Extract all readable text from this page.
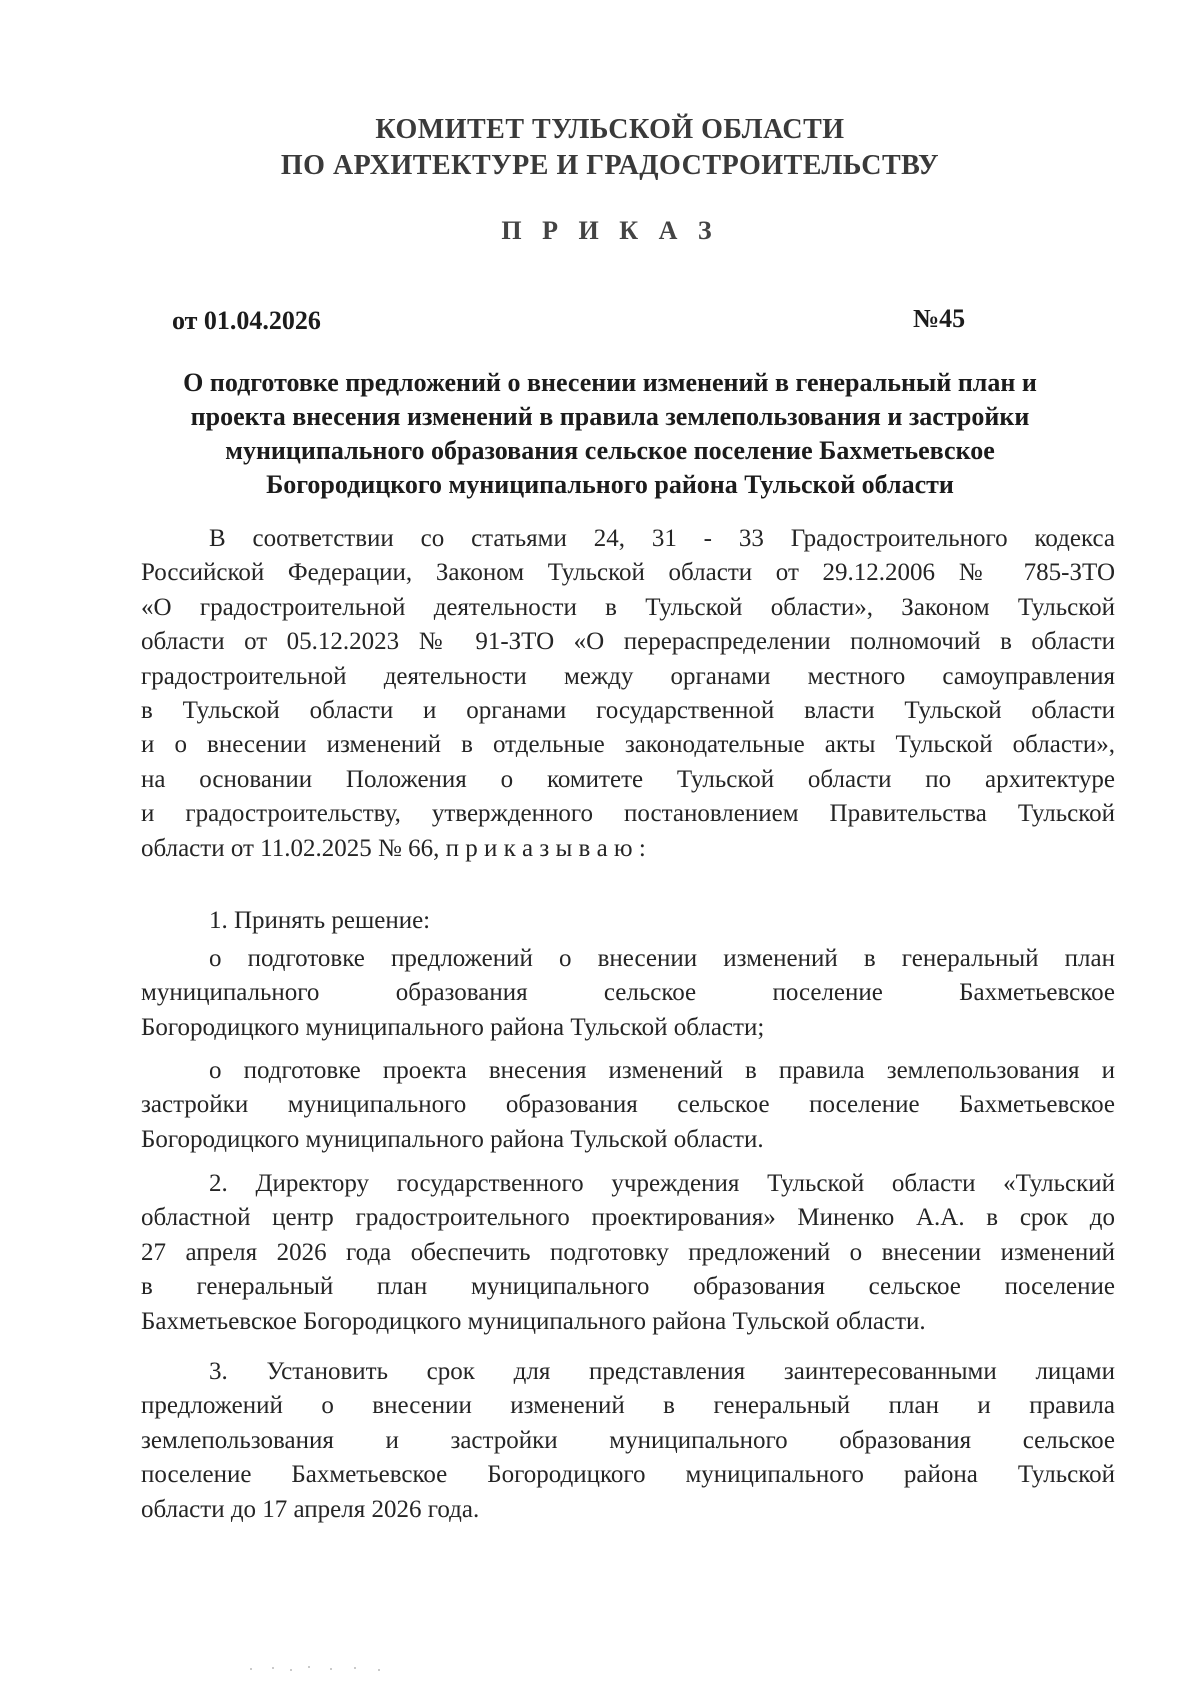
КОМИТЕТ ТУЛЬСКОЙ ОБЛАСТИ
ПО АРХИТЕКТУРЕ И ГРАДОСТРОИТЕЛЬСТВУ
П Р И К А З
от 01.04.2026	№45
О подготовке предложений о внесении изменений в генеральный план и
проекта внесения изменений в правила землепользования и застройки
муниципального образования сельское поселение Бахметьевское
Богородицкого муниципального района Тульской области
В соответствии со статьями 24, 31 - 33 Градостроительного кодекса
Российской Федерации, Законом Тульской области от 29.12.2006 № 785-ЗТО
«О градостроительной деятельности в Тульской области», Законом Тульской
области от 05.12.2023 № 91-ЗТО «О перераспределении полномочий в области
градостроительной деятельности между органами местного самоуправления
в Тульской области и органами государственной власти Тульской области
и о внесении изменений в отдельные законодательные акты Тульской области»,
на основании Положения о комитете Тульской области по архитектуре
и градостроительству, утвержденного постановлением Правительства Тульской
области от 11.02.2025 № 66, п р и к а з ы в а ю :
1. Принять решение:
о подготовке предложений о внесении изменений в генеральный план
муниципального образования сельское поселение Бахметьевское
Богородицкого муниципального района Тульской области;
о подготовке проекта внесения изменений в правила землепользования и
застройки муниципального образования сельское поселение Бахметьевское
Богородицкого муниципального района Тульской области.
2. Директору государственного учреждения Тульской области «Тульский
областной центр градостроительного проектирования» Миненко А.А. в срок до
27 апреля 2026 года обеспечить подготовку предложений о внесении изменений
в генеральный план муниципального образования сельское поселение
Бахметьевское Богородицкого муниципального района Тульской области.
3. Установить срок для представления заинтересованными лицами
предложений о внесении изменений в генеральный план и правила
землепользования и застройки муниципального образования сельское
поселение Бахметьевское Богородицкого муниципального района Тульской
области до 17 апреля 2026 года.
